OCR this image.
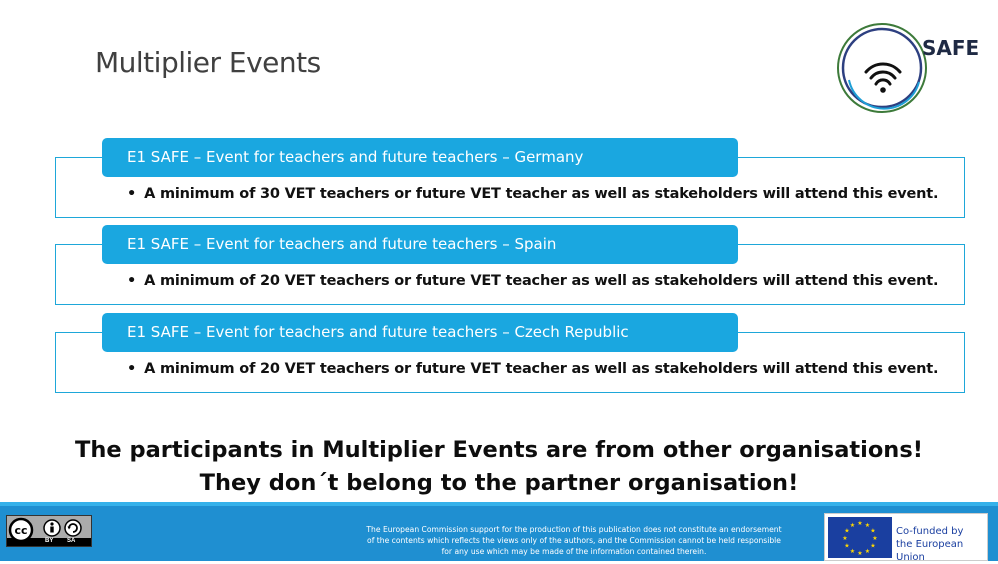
Multiplier Events	SAFE
E1 SAFE – Event for teachers and future teachers – Germany
• A minimum of 30 VET teachers or future VET teacher as well as stakeholders will attend this event.
E1 SAFE – Event for teachers and future teachers – Spain
• A minimum of 20 VET teachers or future VET teacher as well as stakeholders will attend this event.
E1 SAFE – Event for teachers and future teachers – Czech Republic
• A minimum of 20 VET teachers or future VET teacher as well as stakeholders will attend this event.
The participants in Multiplier Events are from other organisations!
They don´t belong to the partner organisation!
cc
BY SA
The European Commission support for the production of this publication does not constitute an endorsement
of the contents which reflects the views only of the authors, and the Commission cannot be held responsible
for any use which may be made of the information contained therein.
★ ★
★
★
★
★
★
★
★
★
★
★	Co-funded by
the European Union
